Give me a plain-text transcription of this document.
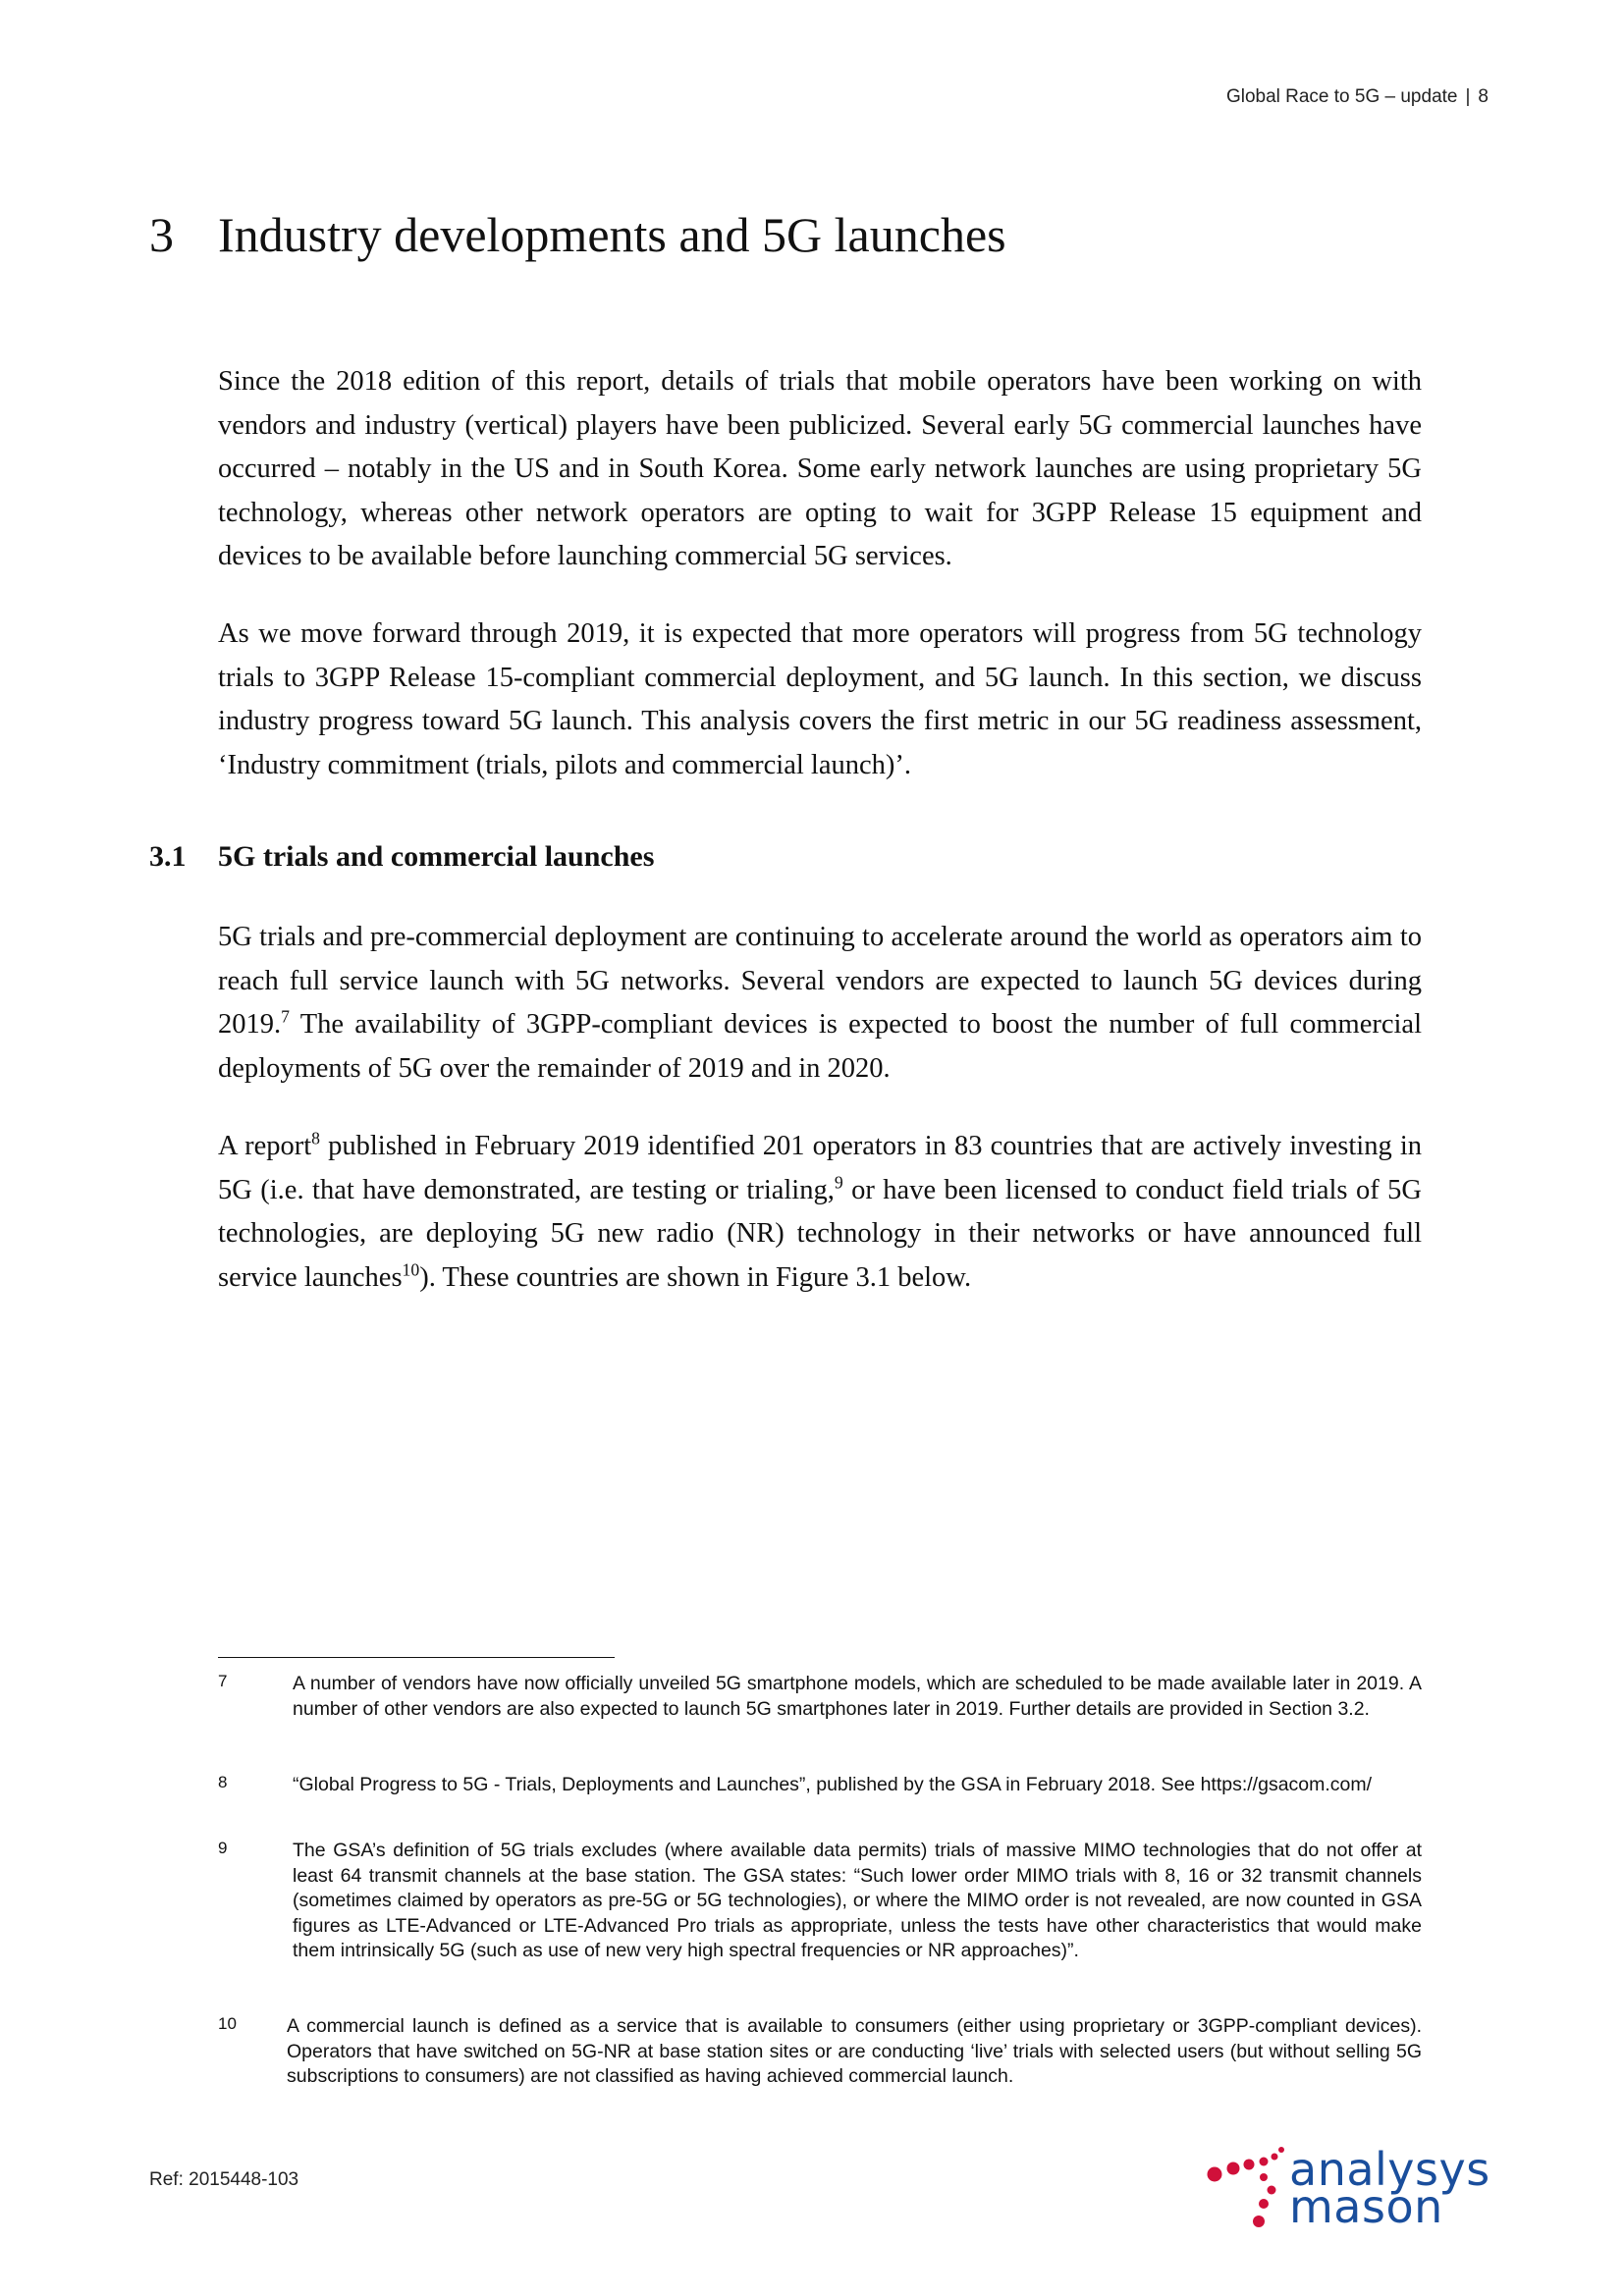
Global Race to 5G – update | 8
3 Industry developments and 5G launches

Since the 2018 edition of this report, details of trials that mobile operators have been working on with vendors and industry (vertical) players have been publicized. Several early 5G commercial launches have occurred – notably in the US and in South Korea. Some early network launches are using proprietary 5G technology, whereas other network operators are opting to wait for 3GPP Release 15 equipment and devices to be available before launching commercial 5G services.

As we move forward through 2019, it is expected that more operators will progress from 5G technology trials to 3GPP Release 15-compliant commercial deployment, and 5G launch. In this section, we discuss industry progress toward 5G launch. This analysis covers the first metric in our 5G readiness assessment, ‘Industry commitment (trials, pilots and commercial launch)’.

3.1 5G trials and commercial launches

5G trials and pre-commercial deployment are continuing to accelerate around the world as operators aim to reach full service launch with 5G networks. Several vendors are expected to launch 5G devices during 2019.$^7$ The availability of 3GPP-compliant devices is expected to boost the number of full commercial deployments of 5G over the remainder of 2019 and in 2020.

A report$^8$ published in February 2019 identified 201 operators in 83 countries that are actively investing in 5G (i.e. that have demonstrated, are testing or trialing,$^9$ or have been licensed to conduct field trials of 5G technologies, are deploying 5G new radio (NR) technology in their networks or have announced full service launches$^{10}$). These countries are shown in Figure 3.1 below.

7	A number of vendors have now officially unveiled 5G smartphone models, which are scheduled to be made available later in 2019. A number of other vendors are also expected to launch 5G smartphones later in 2019. Further details are provided in Section 3.2.
8	“Global Progress to 5G - Trials, Deployments and Launches”, published by the GSA in February 2018. See https://gsacom.com/
9	The GSA’s definition of 5G trials excludes (where available data permits) trials of massive MIMO technologies that do not offer at least 64 transmit channels at the base station. The GSA states: “Such lower order MIMO trials with 8, 16 or 32 transmit channels (sometimes claimed by operators as pre-5G or 5G technologies), or where the MIMO order is not revealed, are now counted in GSA figures as LTE-Advanced or LTE-Advanced Pro trials as appropriate, unless the tests have other characteristics that would make them intrinsically 5G (such as use of new very high spectral frequencies or NR approaches)”.
10	A commercial launch is defined as a service that is available to consumers (either using proprietary or 3GPP-compliant devices). Operators that have switched on 5G-NR at base station sites or are conducting ‘live’ trials with selected users (but without selling 5G subscriptions to consumers) are not classified as having achieved commercial launch.
Ref: 2015448-103	analysys
mason
